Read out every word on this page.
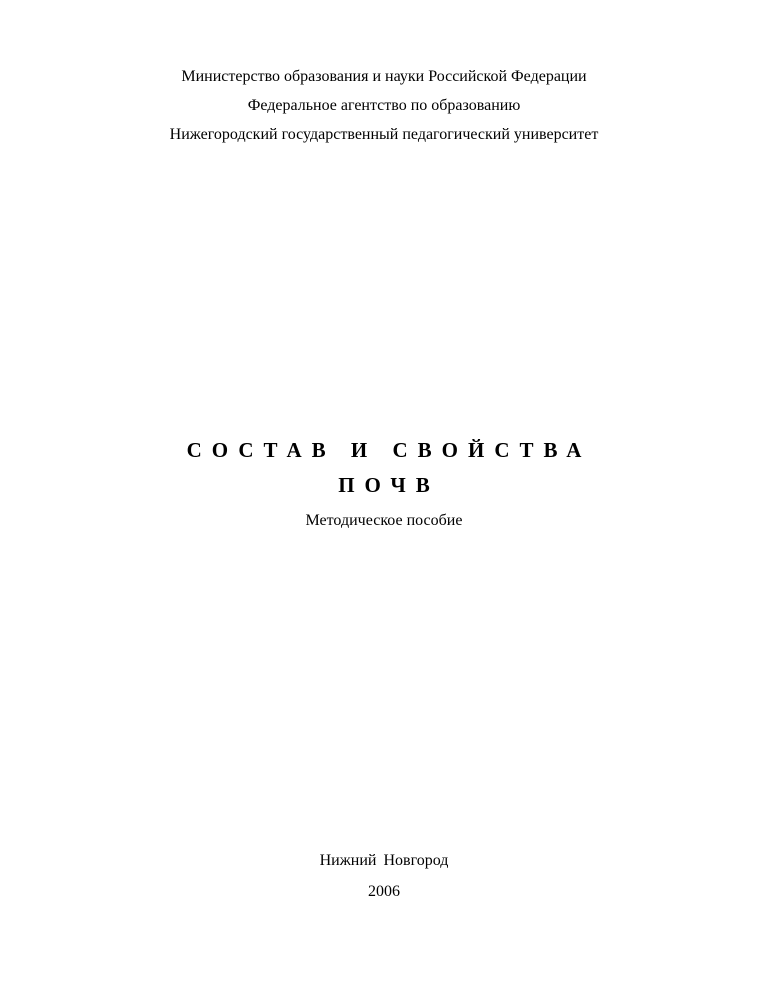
Министерство образования и науки Российской Федерации
Федеральное агентство по образованию
Нижегородский государственный педагогический университет
СОСТАВ И СВОЙСТВА
ПОЧВ
Методическое пособие
Нижний Новгород
2006
